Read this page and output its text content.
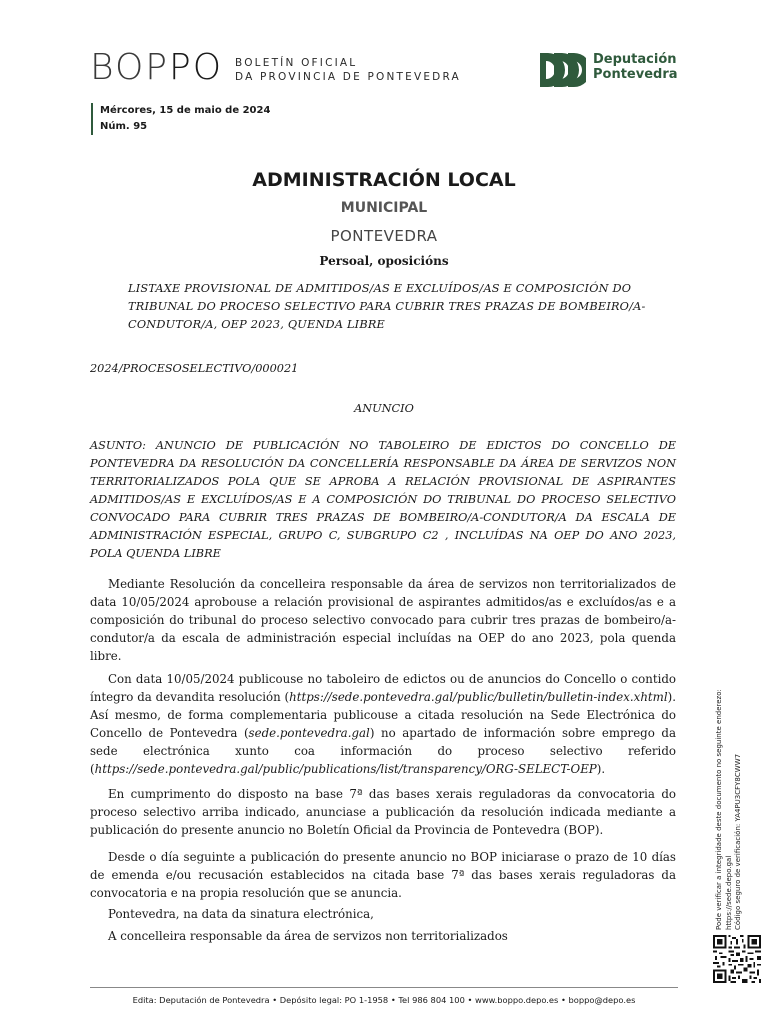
BOPPO BOLETÍN OFICIAL
DA PROVINCIA DE PONTEVEDRA
Deputación
Pontevedra
Mércores, 15 de maio de 2024
Núm. 95
ADMINISTRACIÓN LOCAL
MUNICIPAL
PONTEVEDRA
Persoal, oposicións
LISTAXE PROVISIONAL DE ADMITIDOS/AS E EXCLUÍDOS/AS E COMPOSICIÓN DO TRIBUNAL DO PROCESO SELECTIVO PARA CUBRIR TRES PRAZAS DE BOMBEIRO/A-CONDUTOR/A, OEP 2023, QUENDA LIBRE
2024/PROCESOSELECTIVO/000021
ANUNCIO
ASUNTO: ANUNCIO DE PUBLICACIÓN NO TABOLEIRO DE EDICTOS DO CONCELLO DE PONTEVEDRA DA RESOLUCIÓN DA CONCELLERÍA RESPONSABLE DA ÁREA DE SERVIZOS NON TERRITORIALIZADOS POLA QUE SE APROBA A RELACIÓN PROVISIONAL DE ASPIRANTES ADMITIDOS/AS E EXCLUÍDOS/AS E A COMPOSICIÓN DO TRIBUNAL DO PROCESO SELECTIVO CONVOCADO PARA CUBRIR TRES PRAZAS DE BOMBEIRO/A-CONDUTOR/A DA ESCALA DE ADMINISTRACIÓN ESPECIAL, GRUPO C, SUBGRUPO C2 , INCLUÍDAS NA OEP DO ANO 2023, POLA QUENDA LIBRE

Mediante Resolución da concelleira responsable da área de servizos non territorializados de data 10/05/2024 aprobouse a relación provisional de aspirantes admitidos/as e excluídos/as e a composición do tribunal do proceso selectivo convocado para cubrir tres prazas de bombeiro/a-condutor/a da escala de administración especial incluídas na OEP do ano 2023, pola quenda libre.

Con data 10/05/2024 publicouse no taboleiro de edictos ou de anuncios do Concello o contido íntegro da devandita resolución (https://sede.pontevedra.gal/public/bulletin/bulletin-index.xhtml). Así mesmo, de forma complementaria publicouse a citada resolución na Sede Electrónica do Concello de Pontevedra (sede.pontevedra.gal) no apartado de información sobre emprego da sede electrónica xunto coa información do proceso selectivo referido (https://sede.pontevedra.gal/public/publications/list/transparency/ORG-SELECT-OEP).

En cumprimento do disposto na base 7ª das bases xerais reguladoras da convocatoria do proceso selectivo arriba indicado, anunciase a publicación da resolución indicada mediante a publicación do presente anuncio no Boletín Oficial da Provincia de Pontevedra (BOP).

Desde o día seguinte a publicación do presente anuncio no BOP iniciarase o prazo de 10 días de emenda e/ou recusación establecidos na citada base 7ª das bases xerais reguladoras da convocatoria e na propia resolución que se anuncia.

Pontevedra, na data da sinatura electrónica,
A concelleira responsable da área de servizos non territorializados
Pode verificar a integridade deste documento no seguinte enderezo: https://sede.depo.gal Código seguro de verificación: YA4PU3CFY8CWW7
Edita: Deputación de Pontevedra • Depósito legal: PO 1-1958 • Tel 986 804 100 • www.boppo.depo.es • boppo@depo.es
